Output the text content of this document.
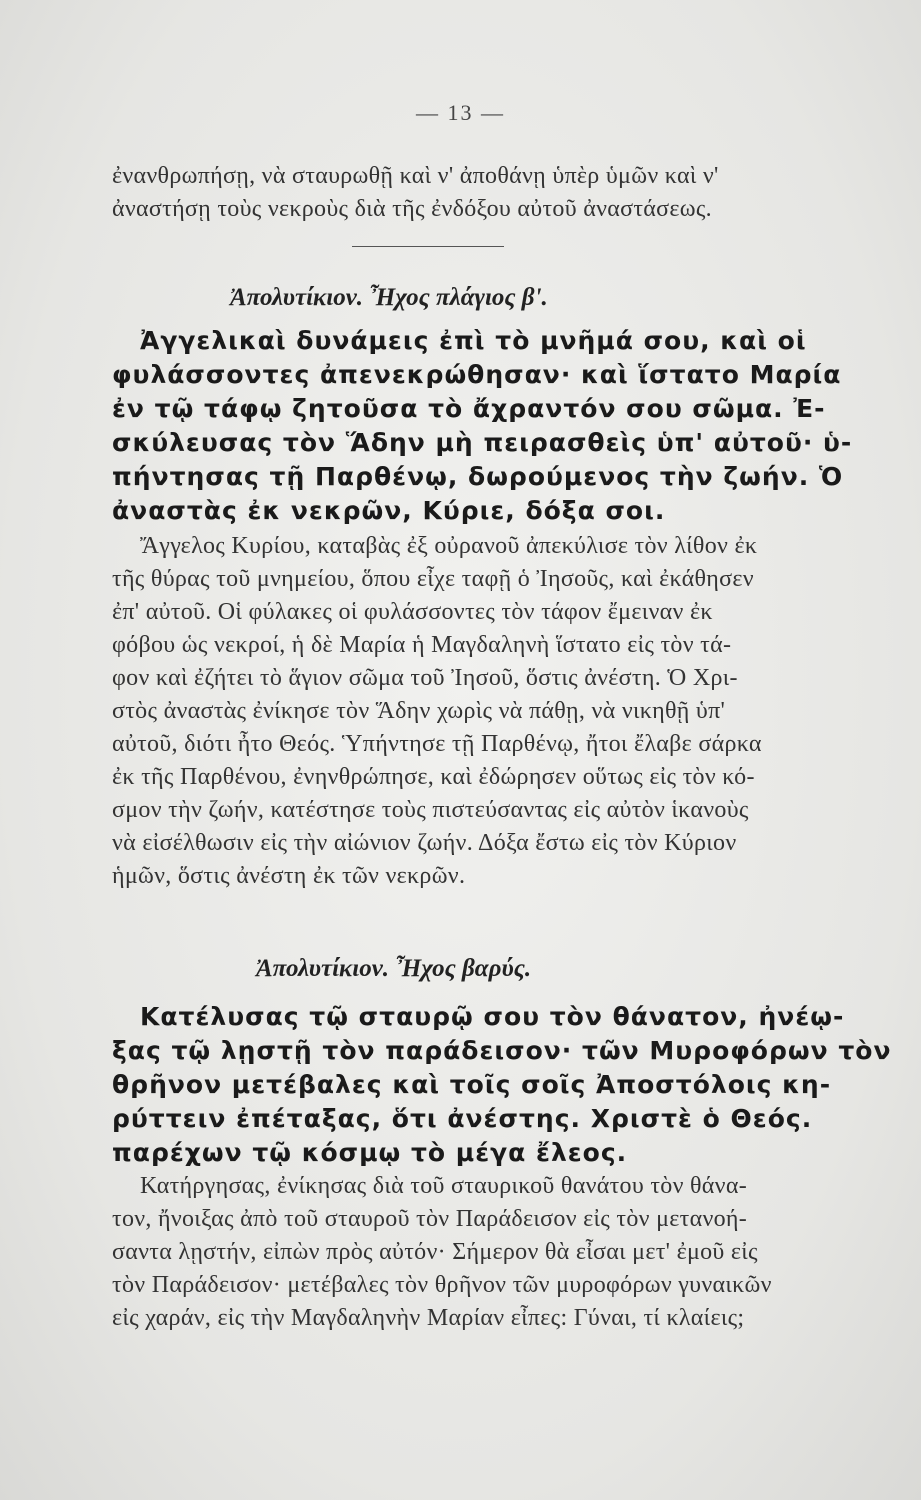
— 13 —
ἐνανθρωπήσῃ, νὰ σταυρωθῇ καὶ ν' ἀποθάνῃ ὑπὲρ ὑμῶν καὶ ν'
ἀναστήσῃ τοὺς νεκροὺς διὰ τῆς ἐνδόξου αὐτοῦ ἀναστάσεως.
Ἀπολυτίκιον. Ἦχος πλάγιος β'.
Ἀγγελικαὶ δυνάμεις ἐπὶ τὸ μνῆμά σου, καὶ οἱ
φυλάσσοντες ἀπενεκρώθησαν· καὶ ἵστατο Μαρία
ἐν τῷ τάφῳ ζητοῦσα τὸ ἄχραντόν σου σῶμα. Ἐ-
σκύλευσας τὸν Ἅδην μὴ πειρασθεὶς ὑπ' αὐτοῦ· ὑ-
πήντησας τῇ Παρθένῳ, δωρούμενος τὴν ζωήν. Ὁ
ἀναστὰς ἐκ νεκρῶν, Κύριε, δόξα σοι.
Ἄγγελος Κυρίου, καταβὰς ἐξ οὐρανοῦ ἀπεκύλισε τὸν λίθον ἐκ
τῆς θύρας τοῦ μνημείου, ὅπου εἶχε ταφῇ ὁ Ἰησοῦς, καὶ ἐκάθησεν
ἐπ' αὐτοῦ. Οἱ φύλακες οἱ φυλάσσοντες τὸν τάφον ἔμειναν ἐκ
φόβου ὡς νεκροί, ἡ δὲ Μαρία ἡ Μαγδαληνὴ ἵστατο εἰς τὸν τά-
φον καὶ ἐζήτει τὸ ἅγιον σῶμα τοῦ Ἰησοῦ, ὅστις ἀνέστη. Ὁ Χρι-
στὸς ἀναστὰς ἐνίκησε τὸν Ἅδην χωρὶς νὰ πάθῃ, νὰ νικηθῇ ὑπ'
αὐτοῦ, διότι ἦτο Θεός. Ὑπήντησε τῇ Παρθένῳ, ἤτοι ἔλαβε σάρκα
ἐκ τῆς Παρθένου, ἐνηνθρώπησε, καὶ ἐδώρησεν οὕτως εἰς τὸν κό-
σμον τὴν ζωήν, κατέστησε τοὺς πιστεύσαντας εἰς αὐτὸν ἱκανοὺς
νὰ εἰσέλθωσιν εἰς τὴν αἰώνιον ζωήν. Δόξα ἔστω εἰς τὸν Κύριον
ἡμῶν, ὅστις ἀνέστη ἐκ τῶν νεκρῶν.
Ἀπολυτίκιον. Ἦχος βαρύς.
Κατέλυσας τῷ σταυρῷ σου τὸν θάνατον, ἠνέῳ-
ξας τῷ λῃστῇ τὸν παράδεισον· τῶν Μυροφόρων τὸν
θρῆνον μετέβαλες καὶ τοῖς σοῖς Ἀποστόλοις κη-
ρύττειν ἐπέταξας, ὅτι ἀνέστης. Χριστὲ ὁ Θεός.
παρέχων τῷ κόσμῳ τὸ μέγα ἔλεος.
Κατήργησας, ἐνίκησας διὰ τοῦ σταυρικοῦ θανάτου τὸν θάνα-
τον, ἤνοιξας ἀπὸ τοῦ σταυροῦ τὸν Παράδεισον εἰς τὸν μετανοή-
σαντα λῃστήν, εἰπὼν πρὸς αὐτόν· Σήμερον θὰ εἶσαι μετ' ἐμοῦ εἰς
τὸν Παράδεισον· μετέβαλες τὸν θρῆνον τῶν μυροφόρων γυναικῶν
εἰς χαράν, εἰς τὴν Μαγδαληνὴν Μαρίαν εἶπες: Γύναι, τί κλαίεις;
